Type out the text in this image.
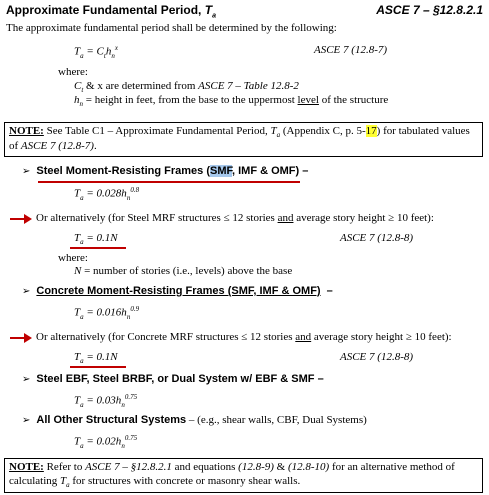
Approximate Fundamental Period, $T_a$	ASCE 7 – §12.8.2.1
The approximate fundamental period shall be determined by the following:
$T_a = C_th_n^x$	ASCE 7 (12.8-7)
where:
$C_t$ & x are determined from ASCE 7 – Table 12.8-2
$h_n$ = height in feet, from the base to the uppermost level of the structure
NOTE: See Table C1 – Approximate Fundamental Period, $T_a$ (Appendix C, p. 5-17) for tabulated values
of ASCE 7 (12.8-7).
➢ Steel Moment-Resisting Frames (SMF, IMF & OMF) –
$T_a = 0.028h_n^{0.8}$
Or alternatively (for Steel MRF structures ≤ 12 stories and average story height ≥ 10 feet):
$T_a = 0.1N$	ASCE 7 (12.8-8)
where:
N = number of stories (i.e., levels) above the base
➢ Concrete Moment-Resisting Frames (SMF, IMF & OMF) –
$T_a = 0.016h_n^{0.9}$
Or alternatively (for Concrete MRF structures ≤ 12 stories and average story height ≥ 10 feet):
$T_a = 0.1N$	ASCE 7 (12.8-8)
➢ Steel EBF, Steel BRBF, or Dual System w/ EBF & SMF –
$T_a = 0.03h_n^{0.75}$
➢ All Other Structural Systems – (e.g., shear walls, CBF, Dual Systems)
$T_a = 0.02h_n^{0.75}$
NOTE: Refer to ASCE 7 – §12.8.2.1 and equations (12.8-9) & (12.8-10) for an alternative method of
calculating $T_a$ for structures with concrete or masonry shear walls.
